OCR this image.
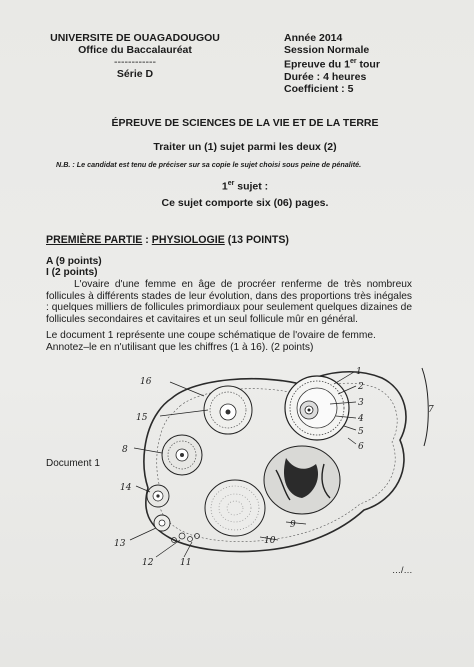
UNIVERSITE DE OUAGADOUGOU
Office du Baccalauréat
------------
Série D
Année 2014
Session Normale
Epreuve du 1er tour
Durée : 4 heures
Coefficient : 5
ÉPREUVE DE SCIENCES DE LA VIE ET DE LA TERRE
Traiter un (1) sujet parmi les deux (2)
N.B. : Le candidat est tenu de préciser sur sa copie le sujet choisi sous peine de pénalité.
1er sujet :
Ce sujet comporte six (06) pages.
PREMIÈRE PARTIE : PHYSIOLOGIE (13 POINTS)
A (9 points)
I (2 points)
L'ovaire d'une femme en âge de procréer renferme de très nombreux follicules à différents stades de leur évolution, dans des proportions très inégales : quelques milliers de follicules primordiaux pour seulement quelques dizaines de follicules secondaires et cavitaires et un seul follicule mûr en général.
Le document 1 représente une coupe schématique de l'ovaire de femme.
Annotez–le en n'utilisant que les chiffres (1 à 16). (2 points)
Document 1
1
2
3
4
5
6
7
8
9
10
11
12
13
14
15
16
…/…
